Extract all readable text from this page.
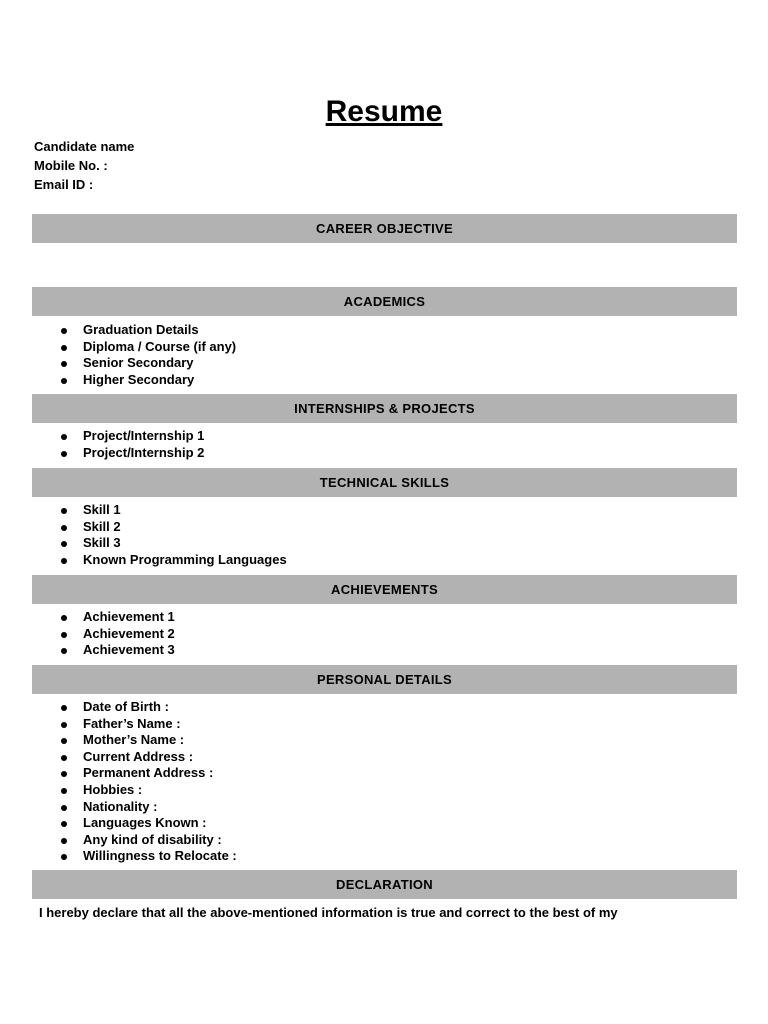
Resume
Candidate name
Mobile No. :
Email ID :
CAREER OBJECTIVE
ACADEMICS
Graduation Details
Diploma / Course (if any)
Senior Secondary
Higher Secondary
INTERNSHIPS & PROJECTS
Project/Internship 1
Project/Internship 2
TECHNICAL SKILLS
Skill 1
Skill 2
Skill 3
Known Programming Languages
ACHIEVEMENTS
Achievement 1
Achievement 2
Achievement 3
PERSONAL DETAILS
Date of Birth :
Father’s Name :
Mother’s Name :
Current Address :
Permanent Address :
Hobbies :
Nationality :
Languages Known :
Any kind of disability :
Willingness to Relocate :
DECLARATION
I hereby declare that all the above-mentioned information is true and correct to the best of my
